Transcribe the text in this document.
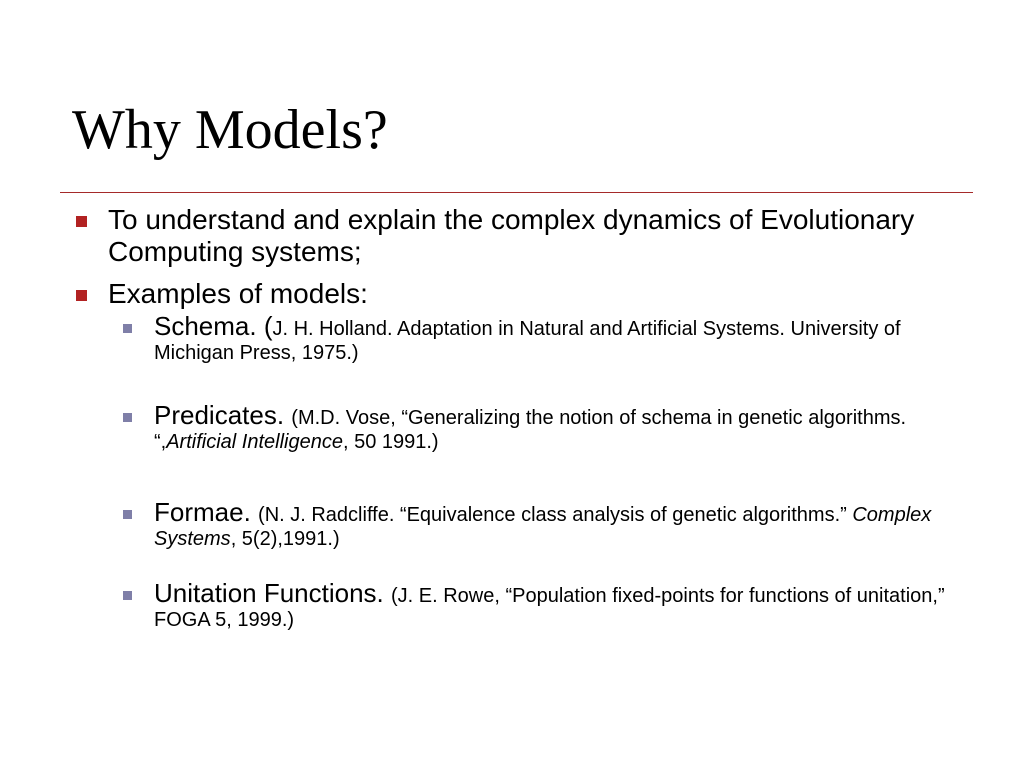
Why Models?
To understand and explain the complex dynamics of Evolutionary Computing systems;
Examples of models:
Schema. (J. H. Holland. Adaptation in Natural and Artificial Systems. University of Michigan Press, 1975.)
Predicates. (M.D. Vose, “Generalizing the notion of schema in genetic algorithms. “,Artificial Intelligence, 50 1991.)
Formae. (N. J. Radcliffe. “Equivalence class analysis of genetic algorithms.” Complex Systems, 5(2),1991.)
Unitation Functions. (J. E. Rowe, “Population fixed-points for functions of unitation,” FOGA 5, 1999.)
